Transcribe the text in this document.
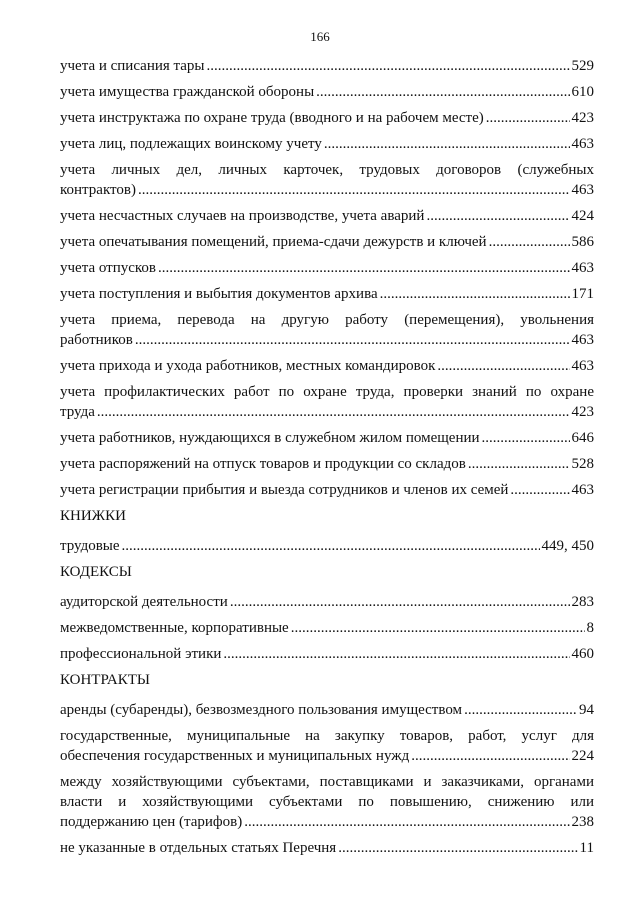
166
учета и списания тары .....	529
учета имущества гражданской обороны .....	610
учета инструктажа по охране труда (вводного и на рабочем месте) .....	423
учета лиц, подлежащих воинскому учету .....	463
учета личных дел, личных карточек, трудовых договоров (служебных
контрактов) .....	463
учета несчастных случаев на производстве, учета аварий .....	424
учета опечатывания помещений, приема-сдачи дежурств и ключей .....	586
учета отпусков .....	463
учета поступления и выбытия документов архива .....	171
учета приема, перевода на другую работу (перемещения), увольнения
работников .....	463
учета прихода и ухода работников, местных командировок .....	463
учета профилактических работ по охране труда, проверки знаний по охране
труда .....	423
учета работников, нуждающихся в служебном жилом помещении .....	646
учета распоряжений на отпуск товаров и продукции со складов .....	528
учета регистрации прибытия и выезда сотрудников и членов их семей .....	463
КНИЖКИ
трудовые .....	449, 450
КОДЕКСЫ
аудиторской деятельности .....	283
межведомственные, корпоративные .....	8
профессиональной этики .....	460
КОНТРАКТЫ
аренды (субаренды), безвозмездного пользования имуществом .....	94
государственные, муниципальные на закупку товаров, работ, услуг для
обеспечения государственных и муниципальных нужд .....	224
между хозяйствующими субъектами, поставщиками и заказчиками, органами
власти и хозяйствующими субъектами по повышению, снижению или
поддержанию цен (тарифов) .....	238
не указанные в отдельных статьях Перечня .....	11
